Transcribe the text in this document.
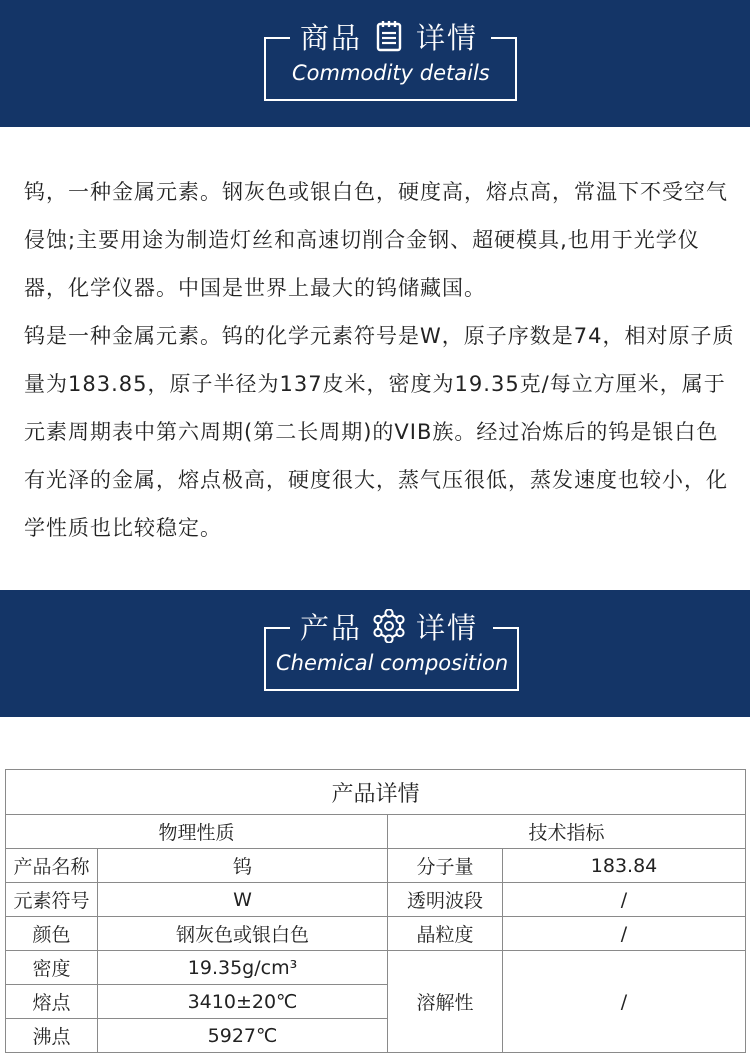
商品 详情
Commodity details
钨，一种金属元素。钢灰色或银白色，硬度高，熔点高，常温下不受空气侵蚀;主要用途为制造灯丝和高速切削合金钢、超硬模具,也用于光学仪器，化学仪器。中国是世界上最大的钨储藏国。
钨是一种金属元素。钨的化学元素符号是W，原子序数是74，相对原子质量为183.85，原子半径为137皮米，密度为19.35克/每立方厘米，属于元素周期表中第六周期(第二长周期)的VIB族。经过冶炼后的钨是银白色有光泽的金属，熔点极高，硬度很大，蒸气压很低，蒸发速度也较小，化学性质也比较稳定。
产品 详情
Chemical composition
产品详情			
物理性质		技术指标	
产品名称	钨	分子量	183.84
元素符号	W	透明波段	/
颜色	钢灰色或银白色	晶粒度	/
密度	19.35g/cm³	溶解性	/
熔点	3410±20℃		
沸点	5927℃		
